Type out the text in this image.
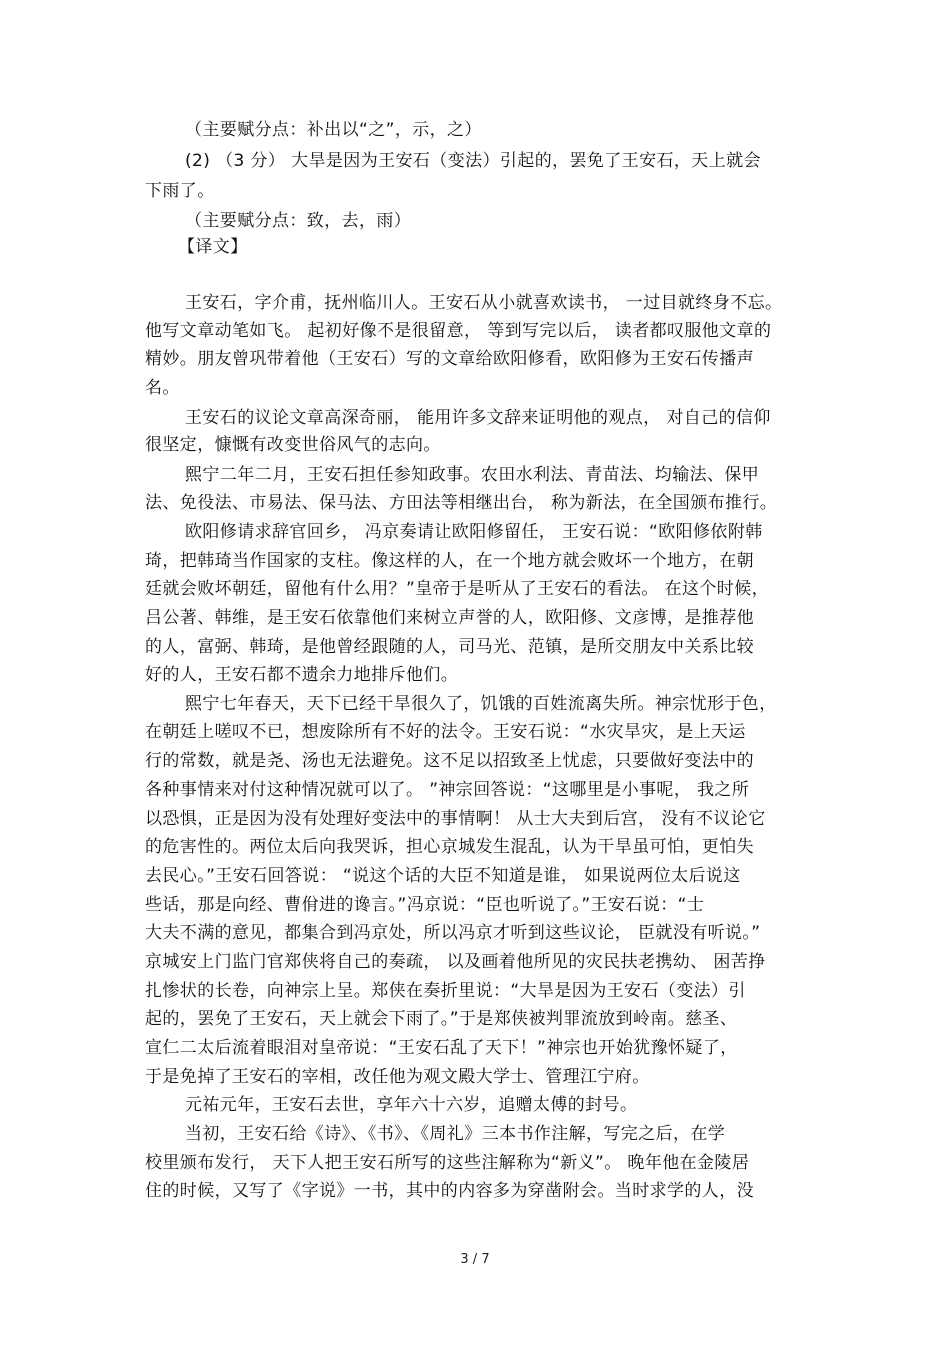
（主要赋分点：补出以“之”，示，之）
(2) （3 分） 大旱是因为王安石（变法）引起的，罢免了王安石，天上就会
下雨了。
（主要赋分点：致，去，雨）
【译文】
王安石，字介甫，抚州临川人。王安石从小就喜欢读书， 一过目就终身不忘。
他写文章动笔如飞。 起初好像不是很留意， 等到写完以后， 读者都叹服他文章的
精妙。朋友曾巩带着他（王安石）写的文章给欧阳修看，欧阳修为王安石传播声
名。
王安石的议论文章高深奇丽， 能用许多文辞来证明他的观点， 对自己的信仰
很坚定，慷慨有改变世俗风气的志向。
熙宁二年二月，王安石担任参知政事。农田水利法、青苗法、均输法、保甲
法、免役法、市易法、保马法、方田法等相继出台， 称为新法，在全国颁布推行。
欧阳修请求辞官回乡， 冯京奏请让欧阳修留任， 王安石说：“欧阳修依附韩
琦，把韩琦当作国家的支柱。像这样的人，在一个地方就会败坏一个地方，在朝
廷就会败坏朝廷，留他有什么用？”皇帝于是听从了王安石的看法。 在这个时候，
吕公著、韩维，是王安石依靠他们来树立声誉的人，欧阳修、文彦博，是推荐他
的人，富弼、韩琦，是他曾经跟随的人，司马光、范镇，是所交朋友中关系比较
好的人，王安石都不遗余力地排斥他们。
熙宁七年春天，天下已经干旱很久了，饥饿的百姓流离失所。神宗忧形于色，
在朝廷上嗟叹不已，想废除所有不好的法令。王安石说：“水灾旱灾，是上天运
行的常数，就是尧、汤也无法避免。这不足以招致圣上忧虑，只要做好变法中的
各种事情来对付这种情况就可以了。 ”神宗回答说：“这哪里是小事呢， 我之所
以恐惧，正是因为没有处理好变法中的事情啊！ 从士大夫到后宫， 没有不议论它
的危害性的。两位太后向我哭诉，担心京城发生混乱，认为干旱虽可怕，更怕失
去民心。”王安石回答说： “说这个话的大臣不知道是谁， 如果说两位太后说这
些话，那是向经、曹佾进的谗言。”冯京说：“臣也听说了。”王安石说：“士
大夫不满的意见，都集合到冯京处，所以冯京才听到这些议论， 臣就没有听说。”
京城安上门监门官郑侠将自己的奏疏， 以及画着他所见的灾民扶老携幼、 困苦挣
扎惨状的长卷，向神宗上呈。郑侠在奏折里说：“大旱是因为王安石（变法）引
起的，罢免了王安石，天上就会下雨了。”于是郑侠被判罪流放到岭南。慈圣、
宣仁二太后流着眼泪对皇帝说：“王安石乱了天下！”神宗也开始犹豫怀疑了，
于是免掉了王安石的宰相，改任他为观文殿大学士、管理江宁府。
元祐元年，王安石去世，享年六十六岁，追赠太傅的封号。
当初，王安石给《诗》、《书》、《周礼》三本书作注解，写完之后，在学
校里颁布发行， 天下人把王安石所写的这些注解称为“新义”。 晚年他在金陵居
住的时候，又写了《字说》一书，其中的内容多为穿凿附会。当时求学的人，没
3 / 7
